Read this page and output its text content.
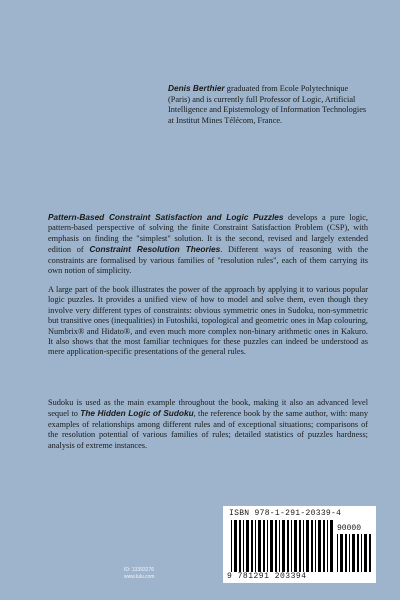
Denis Berthier graduated from Ecole Polytechnique (Paris) and is currently full Professor of Logic, Artificial Intelligence and Epistemology of Information Technologies at Institut Mines Télécom, France.
Pattern-Based Constraint Satisfaction and Logic Puzzles develops a pure logic, pattern-based perspective of solving the finite Constraint Satisfaction Problem (CSP), with emphasis on finding the "simplest" solution. It is the second, revised and largely extended edition of Constraint Resolution Theories. Different ways of reasoning with the constraints are formalised by various families of "resolution rules", each of them carrying its own notion of simplicity.
A large part of the book illustrates the power of the approach by applying it to various popular logic puzzles. It provides a unified view of how to model and solve them, even though they involve very different types of constraints: obvious symmetric ones in Sudoku, non-symmetric but transitive ones (inequalities) in Futoshiki, topological and geometric ones in Map colouring, Numbrix® and Hidato®, and even much more complex non-binary arithmetic ones in Kakuro. It also shows that the most familiar techniques for these puzzles can indeed be understood as mere application-specific presentations of the general rules.
Sudoku is used as the main example throughout the book, making it also an advanced level sequel to The Hidden Logic of Sudoku, the reference book by the same author, with: many examples of relationships among different rules and of exceptional situations; comparisons of the resolution potential of various families of rules; detailed statistics of puzzles hardness; analysis of extreme instances.
ISBN 978-1-291-20339-4
90000
9 781291 203394
ID: 13393276
www.lulu.com
